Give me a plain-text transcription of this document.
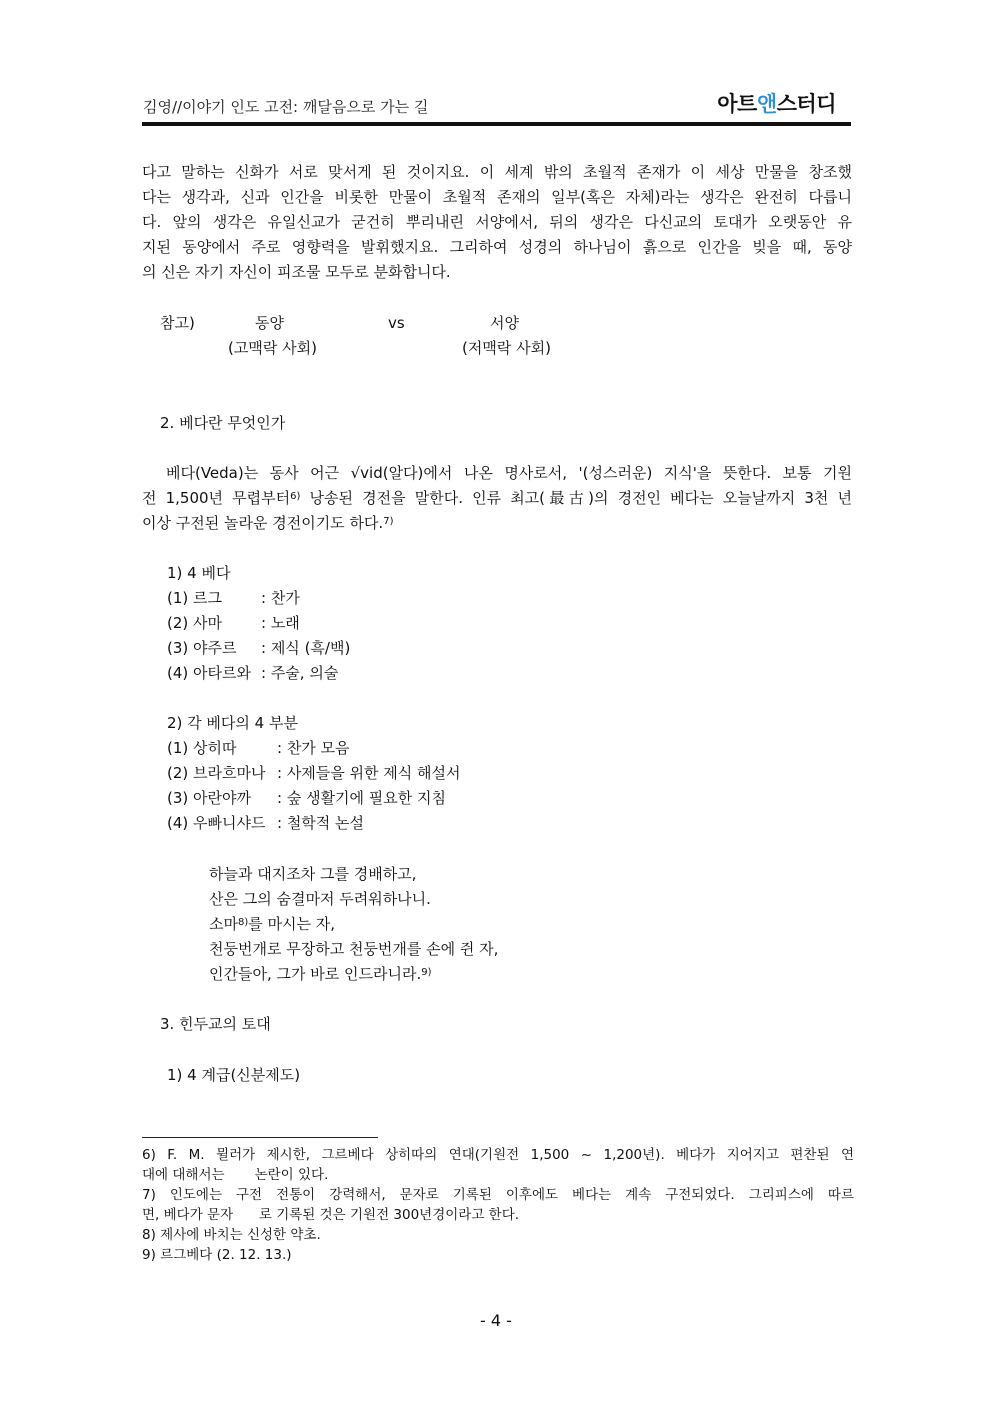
김영//이야기 인도 고전: 깨달음으로 가는 길	아트앤스터디
다고 말하는 신화가 서로 맞서게 된 것이지요. 이 세계 밖의 초월적 존재가 이 세상 만물을 창조했
다는 생각과, 신과 인간을 비롯한 만물이 초월적 존재의 일부(혹은 자체)라는 생각은 완전히 다릅니
다. 앞의 생각은 유일신교가 굳건히 뿌리내린 서양에서, 뒤의 생각은 다신교의 토대가 오랫동안 유
지된 동양에서 주로 영향력을 발휘했지요. 그리하여 성경의 하나님이 흙으로 인간을 빚을 때, 동양
의 신은 자기 자신이 피조물 모두로 분화합니다.
참고)	동양	vs	서양
(고맥락 사회)	(저맥락 사회)
2. 베다란 무엇인가
베다(Veda)는 동사 어근 √vid(알다)에서 나온 명사로서, '(성스러운) 지식'을 뜻한다. 보통 기원
전 1,500년 무렵부터$^{6)}$ 낭송된 경전을 말한다. 인류 최고(最古)의 경전인 베다는 오늘날까지 3천 년
이상 구전된 놀라운 경전이기도 하다.$^{7)}$
1) 4 베다
(1) 르그	: 찬가
(2) 사마	: 노래
(3) 야주르 : 제식 (흑/백)
(4) 아타르와 : 주술, 의술
2) 각 베다의 4 부분
(1) 상히따	: 찬가 모음
(2) 브라흐마나 : 사제들을 위한 제식 해설서
(3) 아란야까 : 숲 생활기에 필요한 지침
(4) 우빠니샤드 : 철학적 논설
하늘과 대지조차 그를 경배하고,
산은 그의 숨결마저 두려워하나니.
소마$^{8)}$를 마시는 자,
천둥번개로 무장하고 천둥번개를 손에 쥔 자,
인간들아, 그가 바로 인드라니라.$^{9)}$
3. 힌두교의 토대
1) 4 계급(신분제도)
6) F. M. 뮐러가 제시한, 그르베다 상히따의 연대(기원전 1,500 ~ 1,200년). 베다가 지어지고 편찬된 연
대에 대해서는       논란이 있다.
7) 인도에는 구전 전통이 강력해서, 문자로 기록된 이후에도 베다는 계속 구전되었다. 그리피스에 따르
면, 베다가 문자      로 기록된 것은 기원전 300년경이라고 한다.
8) 제사에 바치는 신성한 약초.
9) 르그베다 (2. 12. 13.)
- 4 -
